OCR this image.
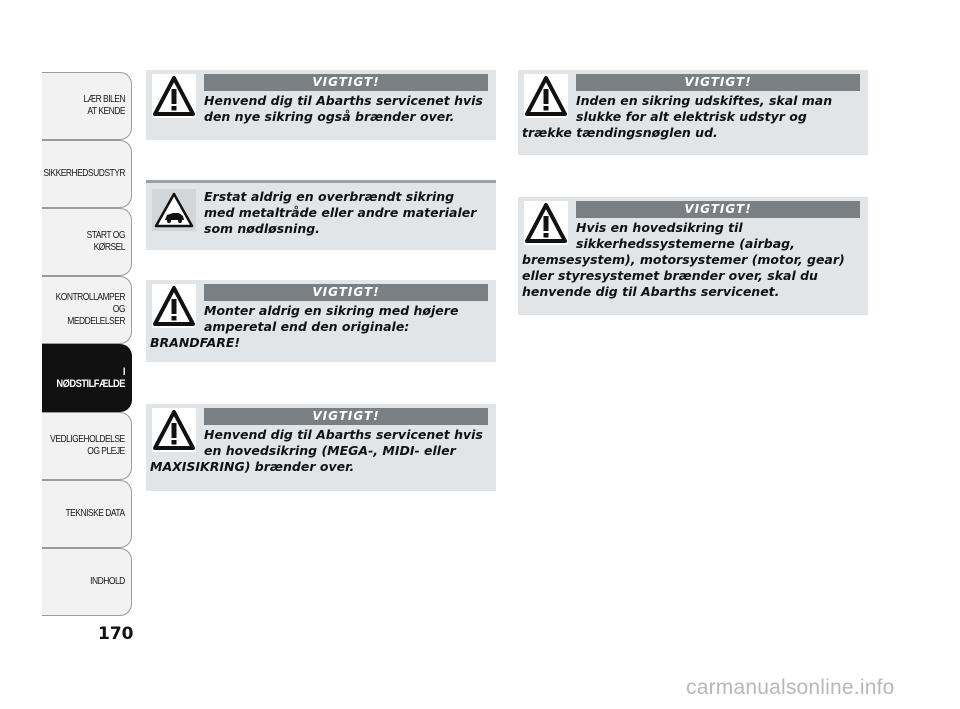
LÆR BILEN
AT KENDE
SIKKERHEDSUDSTYR
START OG KØRSEL
KONTROLLAMPER
OG MEDDELELSER
I NØDSTILFÆLDE
VEDLIGEHOLDELSE
OG PLEJE
TEKNISKE DATA
INDHOLD
170
VIGTIGT!
Henvend dig til Abarths servicenet hvis den nye sikring også brænder over.
Erstat aldrig en overbrændt sikring med metaltråde eller andre materialer som nødløsning.
VIGTIGT!
Monter aldrig en sikring med højere amperetal end den originale: BRANDFARE!
VIGTIGT!
Henvend dig til Abarths servicenet hvis en hovedsikring (MEGA-, MIDI- eller MAXISIKRING) brænder over.
VIGTIGT!
Inden en sikring udskiftes, skal man slukke for alt elektrisk udstyr og trække tændingsnøglen ud.
VIGTIGT!
Hvis en hovedsikring til sikkerhedssystemerne (airbag, bremsesystem), motorsystemer (motor, gear) eller styresystemet brænder over, skal du henvende dig til Abarths servicenet.
carmanualsonline.info
